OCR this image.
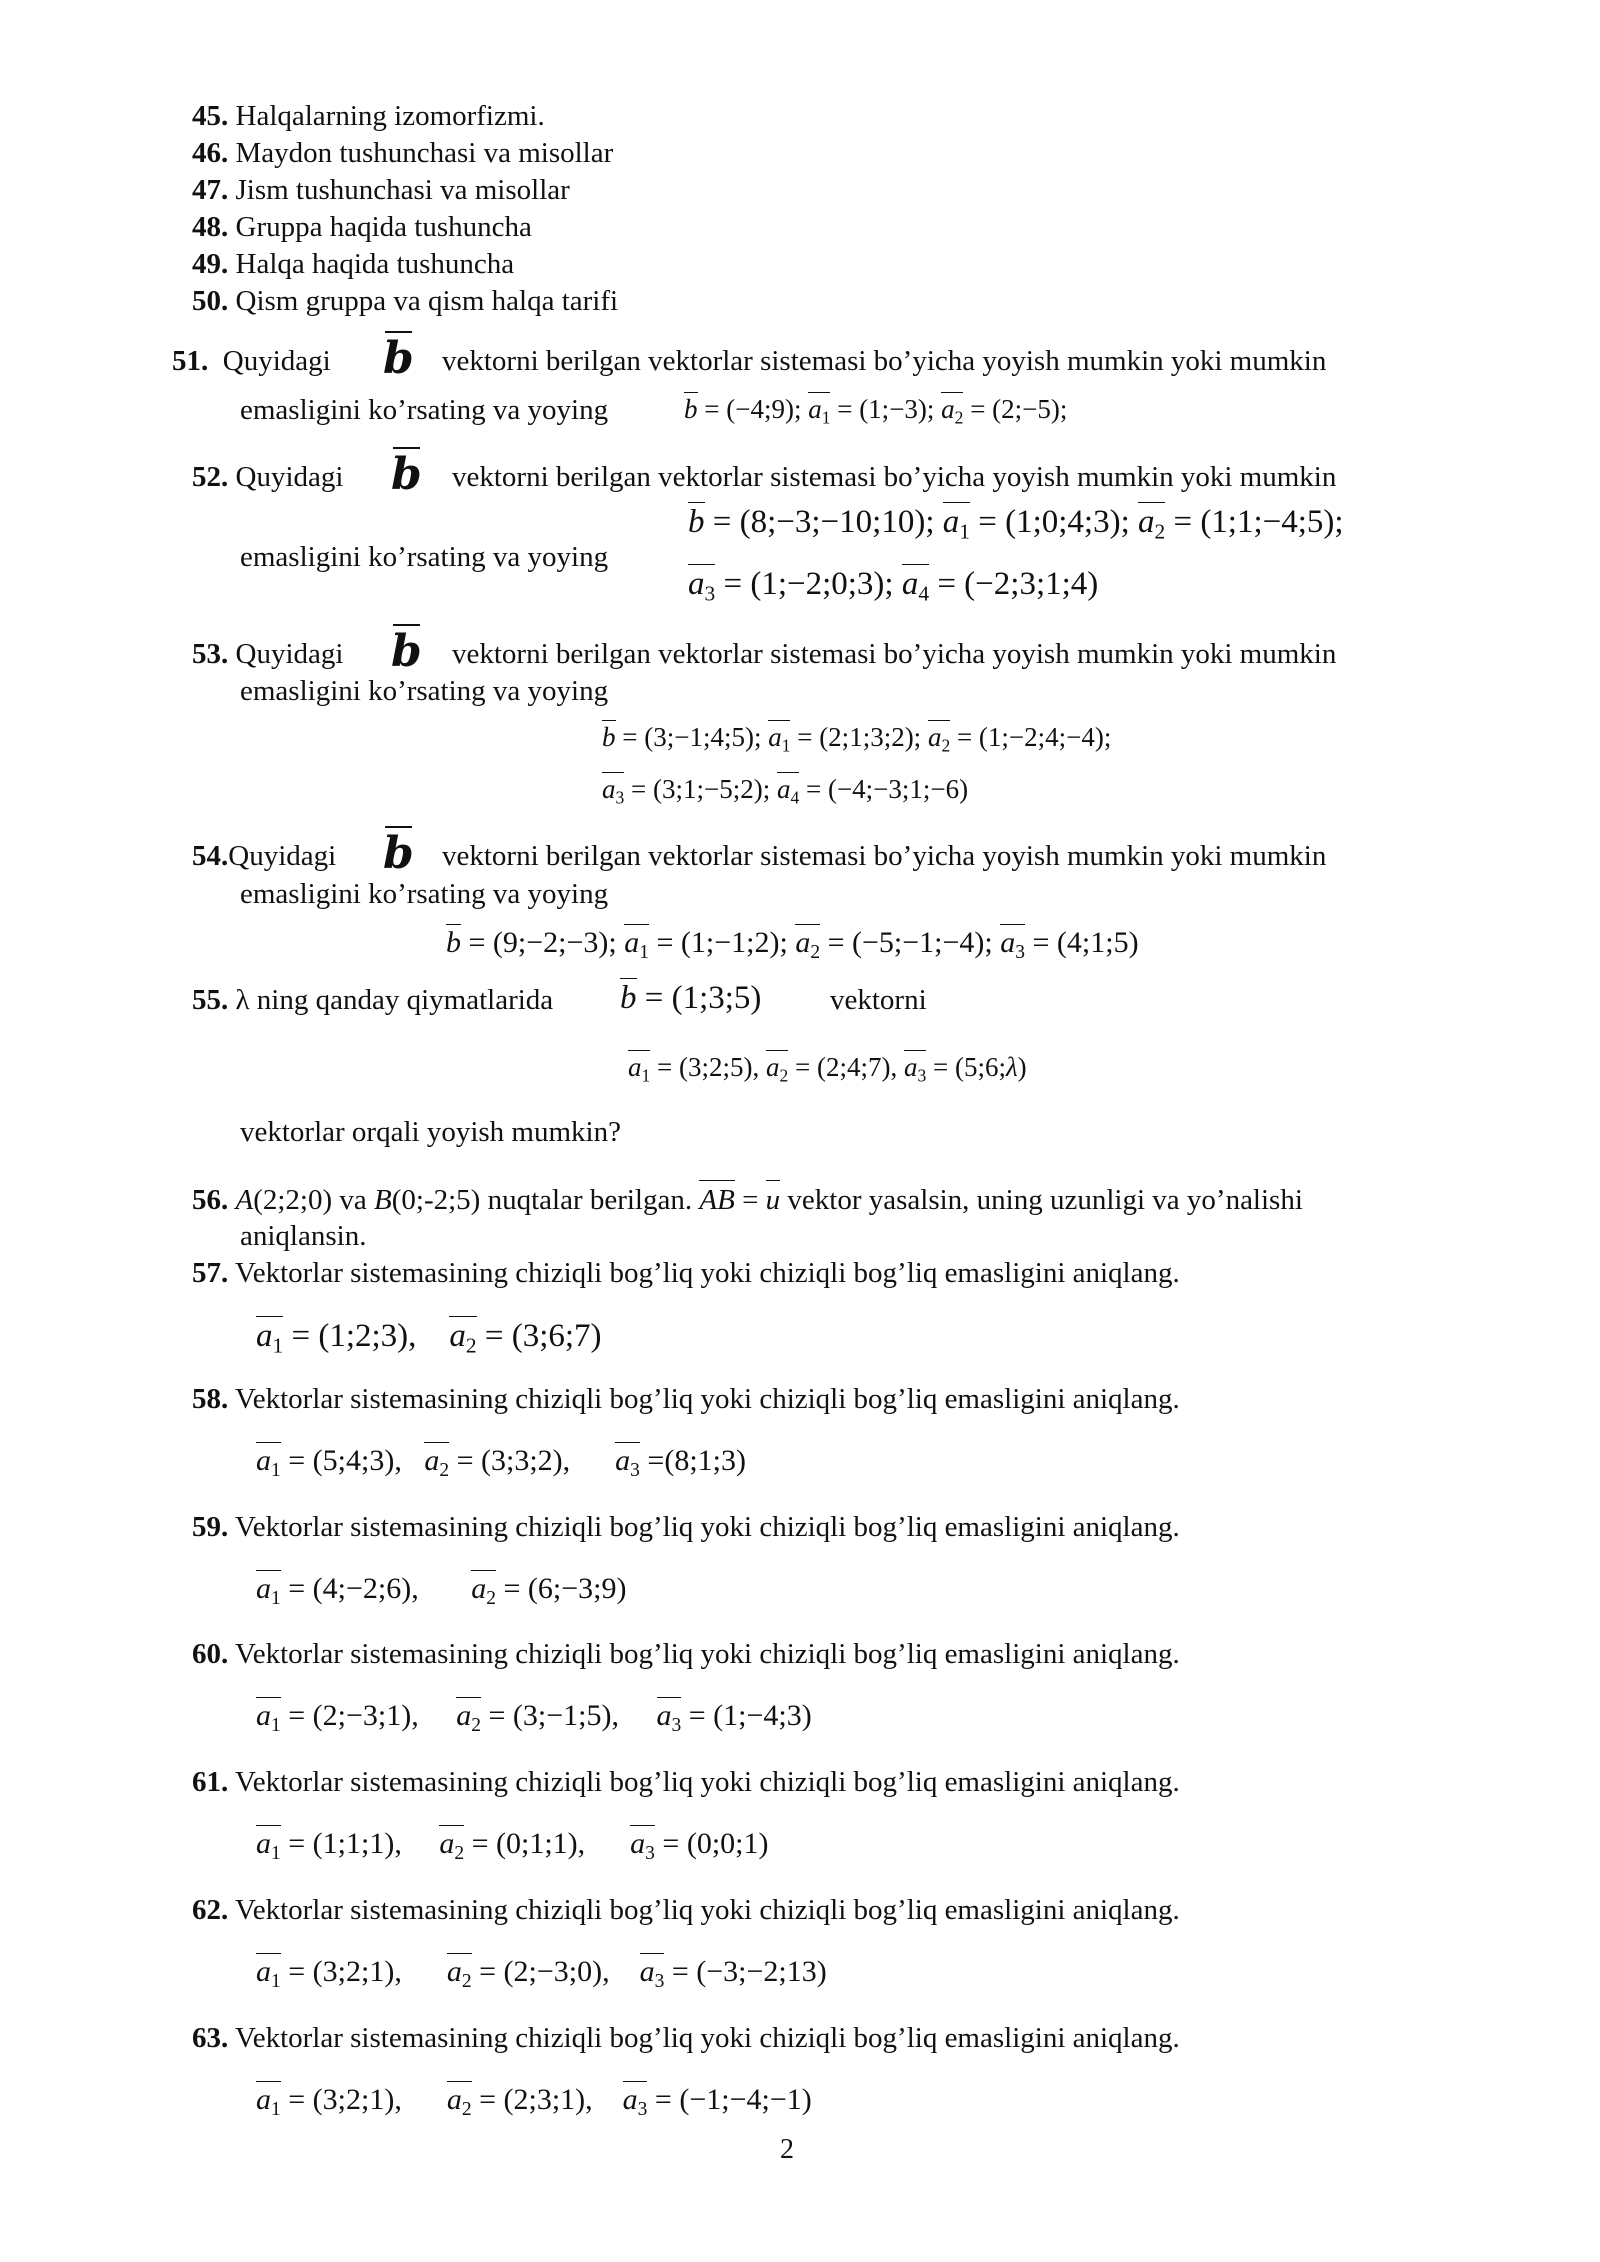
45. Halqalarning izomorfizmi.
46. Maydon tushunchasi va misollar
47. Jism tushunchasi va misollar
48. Gruppa haqida tushuncha
49. Halqa haqida tushuncha
50. Qism gruppa va qism halqa tarifi
51. Quyidagi b vektorni berilgan vektorlar sistemasi bo’yicha yoyish mumkin yoki mumkin
emasligini ko’rsating va yoying	b = (−4;9); $a_1$ = (1;−3); $a_2$ = (2;−5);
52. Quyidagi b vektorni berilgan vektorlar sistemasi bo’yicha yoyish mumkin yoki mumkin
emasligini ko’rsating va yoying
b = (8;−3;−10;10); $a_1$ = (1;0;4;3); $a_2$ = (1;1;−4;5);
$a_3$ = (1;−2;0;3); $a_4$ = (−2;3;1;4)
53. Quyidagi b vektorni berilgan vektorlar sistemasi bo’yicha yoyish mumkin yoki mumkin
emasligini ko’rsating va yoying
b = (3;−1;4;5); $a_1$ = (2;1;3;2); $a_2$ = (1;−2;4;−4);
$a_3$ = (3;1;−5;2); $a_4$ = (−4;−3;1;−6)
54.Quyidagi b vektorni berilgan vektorlar sistemasi bo’yicha yoyish mumkin yoki mumkin
emasligini ko’rsating va yoying
b = (9;−2;−3); $a_1$ = (1;−1;2); $a_2$ = (−5;−1;−4); $a_3$ = (4;1;5)
55. λ ning qanday qiymatlarida b = (1;3;5) vektorni
$a_1$ = (3;2;5), $a_2$ = (2;4;7), $a_3$ = (5;6;λ)
vektorlar orqali yoyish mumkin?
56. A(2;2;0) va B(0;-2;5) nuqtalar berilgan. AB = u vektor yasalsin, uning uzunligi va yo’nalishi
aniqlansin.
57. Vektorlar sistemasining chiziqli bog’liq yoki chiziqli bog’liq emasligini aniqlang.
$a_1$ = (1;2;3), $a_2$ = (3;6;7)
58. Vektorlar sistemasining chiziqli bog’liq yoki chiziqli bog’liq emasligini aniqlang.
$a_1$ = (5;4;3), $a_2$ = (3;3;2), $a_3$ =(8;1;3)
59. Vektorlar sistemasining chiziqli bog’liq yoki chiziqli bog’liq emasligini aniqlang.
$a_1$ = (4;−2;6), $a_2$ = (6;−3;9)
60. Vektorlar sistemasining chiziqli bog’liq yoki chiziqli bog’liq emasligini aniqlang.
$a_1$ = (2;−3;1), $a_2$ = (3;−1;5), $a_3$ = (1;−4;3)
61. Vektorlar sistemasining chiziqli bog’liq yoki chiziqli bog’liq emasligini aniqlang.
$a_1$ = (1;1;1), $a_2$ = (0;1;1), $a_3$ = (0;0;1)
62. Vektorlar sistemasining chiziqli bog’liq yoki chiziqli bog’liq emasligini aniqlang.
$a_1$ = (3;2;1), $a_2$ = (2;−3;0), $a_3$ = (−3;−2;13)
63. Vektorlar sistemasining chiziqli bog’liq yoki chiziqli bog’liq emasligini aniqlang.
$a_1$ = (3;2;1), $a_2$ = (2;3;1), $a_3$ = (−1;−4;−1)
2
